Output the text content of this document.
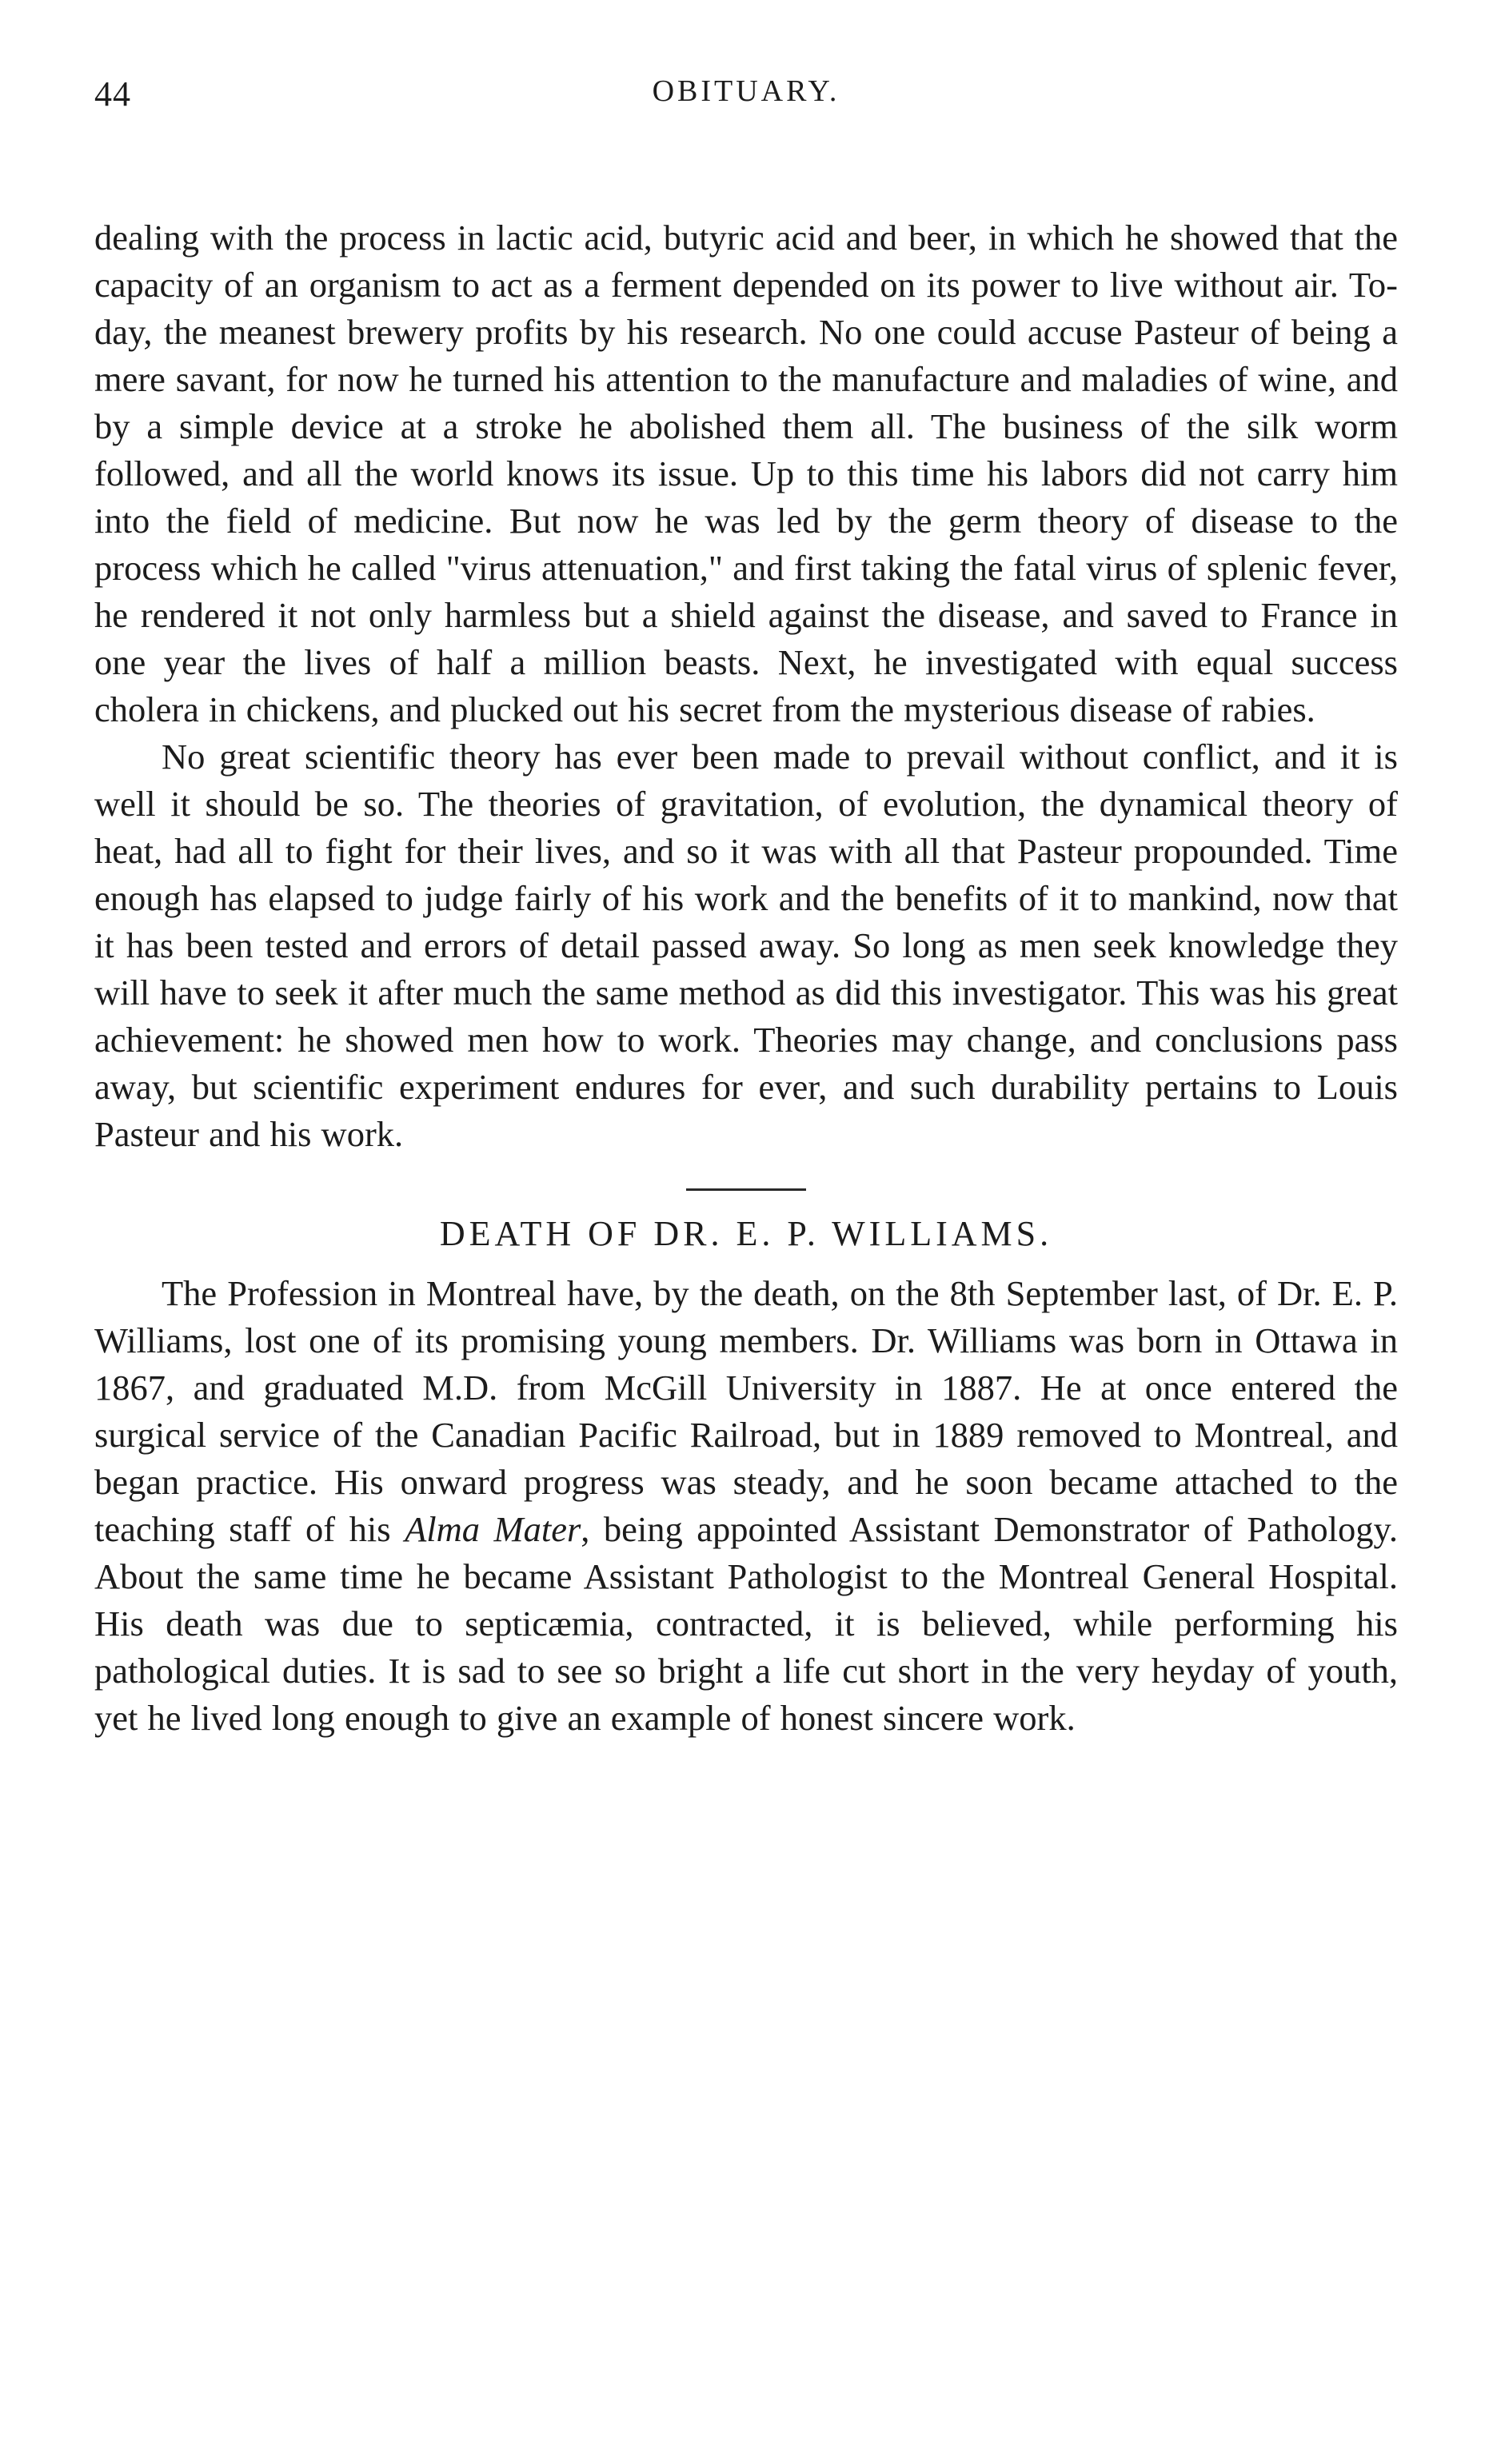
44	OBITUARY.

dealing with the process in lactic acid, butyric acid and beer, in which he showed that the capacity of an organism to act as a ferment depended on its power to live without air. To-day, the meanest brewery profits by his research. No one could accuse Pasteur of being a mere savant, for now he turned his attention to the manufacture and maladies of wine, and by a simple device at a stroke he abolished them all. The business of the silk worm followed, and all the world knows its issue. Up to this time his labors did not carry him into the field of medicine. But now he was led by the germ theory of disease to the process which he called "virus attenuation," and first taking the fatal virus of splenic fever, he rendered it not only harmless but a shield against the disease, and saved to France in one year the lives of half a million beasts. Next, he investigated with equal success cholera in chickens, and plucked out his secret from the mysterious disease of rabies.

No great scientific theory has ever been made to prevail without conflict, and it is well it should be so. The theories of gravitation, of evolution, the dynamical theory of heat, had all to fight for their lives, and so it was with all that Pasteur propounded. Time enough has elapsed to judge fairly of his work and the benefits of it to mankind, now that it has been tested and errors of detail passed away. So long as men seek knowledge they will have to seek it after much the same method as did this investigator. This was his great achievement: he showed men how to work. Theories may change, and conclusions pass away, but scientific experiment endures for ever, and such durability pertains to Louis Pasteur and his work.

DEATH OF DR. E. P. WILLIAMS.

The Profession in Montreal have, by the death, on the 8th September last, of Dr. E. P. Williams, lost one of its promising young members. Dr. Williams was born in Ottawa in 1867, and graduated M.D. from McGill University in 1887. He at once entered the surgical service of the Canadian Pacific Railroad, but in 1889 removed to Montreal, and began practice. His onward progress was steady, and he soon became attached to the teaching staff of his Alma Mater, being appointed Assistant Demonstrator of Pathology. About the same time he became Assistant Pathologist to the Montreal General Hospital. His death was due to septicæmia, contracted, it is believed, while performing his pathological duties. It is sad to see so bright a life cut short in the very heyday of youth, yet he lived long enough to give an example of honest sincere work.
